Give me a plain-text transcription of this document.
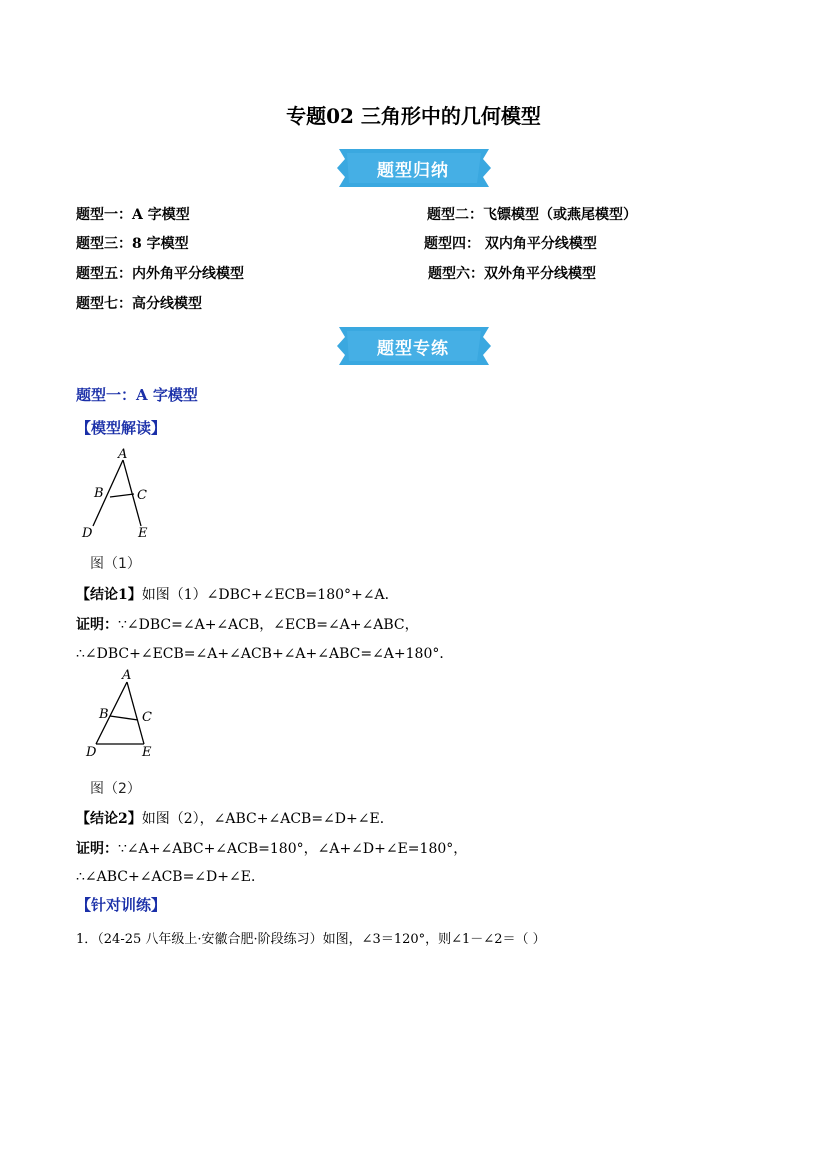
专题02 三角形中的几何模型
题型归纳
题型一：A 字模型	题型二：飞镖模型（或燕尾模型）
题型三：8 字模型	题型四： 双内角平分线模型
题型五：内外角平分线模型	题型六：双外角平分线模型
题型七：高分线模型
题型专练
题型一：A 字模型
【模型解读】
A
B	C
D	E
图（1）
【结论1】如图（1）∠DBC+∠ECB=180°+∠A．
证明：∵∠DBC=∠A+∠ACB，∠ECB=∠A+∠ABC，
∴∠DBC+∠ECB=∠A+∠ACB+∠A+∠ABC=∠A+180°．
A
B	C
D	E
图（2）
【结论2】如图（2），∠ABC+∠ACB=∠D+∠E．
证明：∵∠A+∠ABC+∠ACB=180°，∠A+∠D+∠E=180°，
∴∠ABC+∠ACB=∠D+∠E．
【针对训练】
1．（24-25 八年级上·安徽合肥·阶段练习）如图，∠3＝120°，则∠1－∠2＝（ ）
